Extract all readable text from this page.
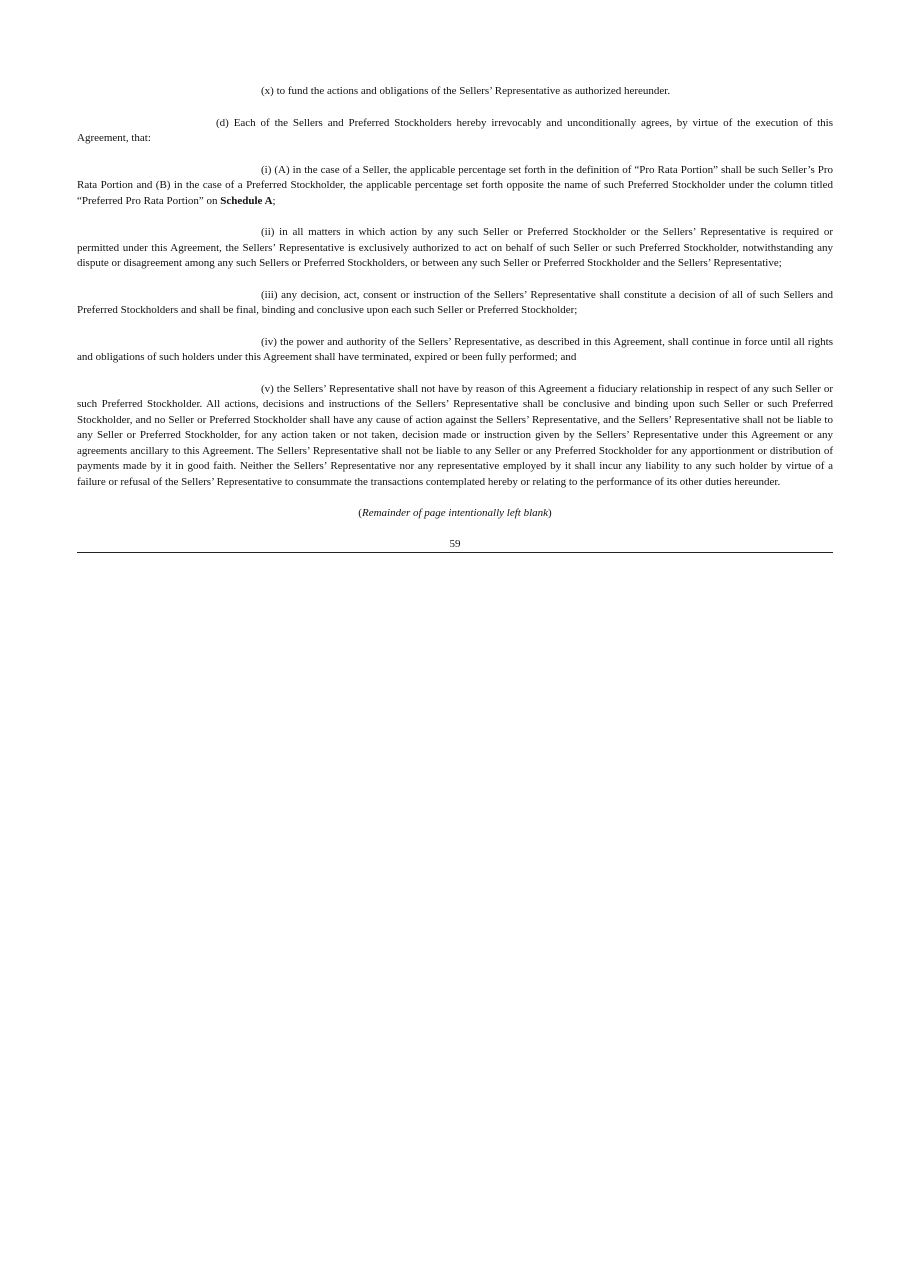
(x) to fund the actions and obligations of the Sellers’ Representative as authorized hereunder.

(d) Each of the Sellers and Preferred Stockholders hereby irrevocably and unconditionally agrees, by virtue of the execution of this Agreement, that:

(i) (A) in the case of a Seller, the applicable percentage set forth in the definition of “Pro Rata Portion” shall be such Seller’s Pro Rata Portion and (B) in the case of a Preferred Stockholder, the applicable percentage set forth opposite the name of such Preferred Stockholder under the column titled “Preferred Pro Rata Portion” on Schedule A;

(ii) in all matters in which action by any such Seller or Preferred Stockholder or the Sellers’ Representative is required or permitted under this Agreement, the Sellers’ Representative is exclusively authorized to act on behalf of such Seller or such Preferred Stockholder, notwithstanding any dispute or disagreement among any such Sellers or Preferred Stockholders, or between any such Seller or Preferred Stockholder and the Sellers’ Representative;

(iii) any decision, act, consent or instruction of the Sellers’ Representative shall constitute a decision of all of such Sellers and Preferred Stockholders and shall be final, binding and conclusive upon each such Seller or Preferred Stockholder;

(iv) the power and authority of the Sellers’ Representative, as described in this Agreement, shall continue in force until all rights and obligations of such holders under this Agreement shall have terminated, expired or been fully performed; and

(v) the Sellers’ Representative shall not have by reason of this Agreement a fiduciary relationship in respect of any such Seller or such Preferred Stockholder. All actions, decisions and instructions of the Sellers’ Representative shall be conclusive and binding upon such Seller or such Preferred Stockholder, and no Seller or Preferred Stockholder shall have any cause of action against the Sellers’ Representative, and the Sellers’ Representative shall not be liable to any Seller or Preferred Stockholder, for any action taken or not taken, decision made or instruction given by the Sellers’ Representative under this Agreement or any agreements ancillary to this Agreement. The Sellers’ Representative shall not be liable to any Seller or any Preferred Stockholder for any apportionment or distribution of payments made by it in good faith. Neither the Sellers’ Representative nor any representative employed by it shall incur any liability to any such holder by virtue of a failure or refusal of the Sellers’ Representative to consummate the transactions contemplated hereby or relating to the performance of its other duties hereunder.

(Remainder of page intentionally left blank)

59
